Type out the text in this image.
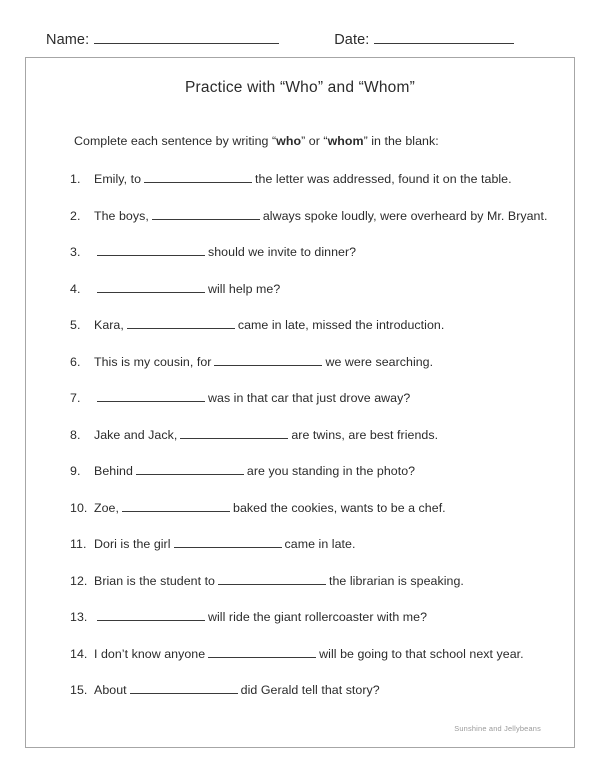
Name:	Date:
Practice with “Who” and “Whom”
Complete each sentence by writing “who” or “whom” in the blank:
1.	Emily, to	the letter was addressed, found it on the table.
2.	The boys,	always spoke loudly, were overheard by Mr. Bryant.
3.	should we invite to dinner?
4.	will help me?
5.	Kara,	came in late, missed the introduction.
6.	This is my cousin, for	we were searching.
7.	was in that car that just drove away?
8.	Jake and Jack,	are twins, are best friends.
9.	Behind	are you standing in the photo?
10. Zoe,	baked the cookies, wants to be a chef.
11. Dori is the girl	came in late.
12. Brian is the student to	the librarian is speaking.
13.	will ride the giant rollercoaster with me?
14. I don’t know anyone	will be going to that school next year.
15. About	did Gerald tell that story?
Sunshine and Jellybeans
